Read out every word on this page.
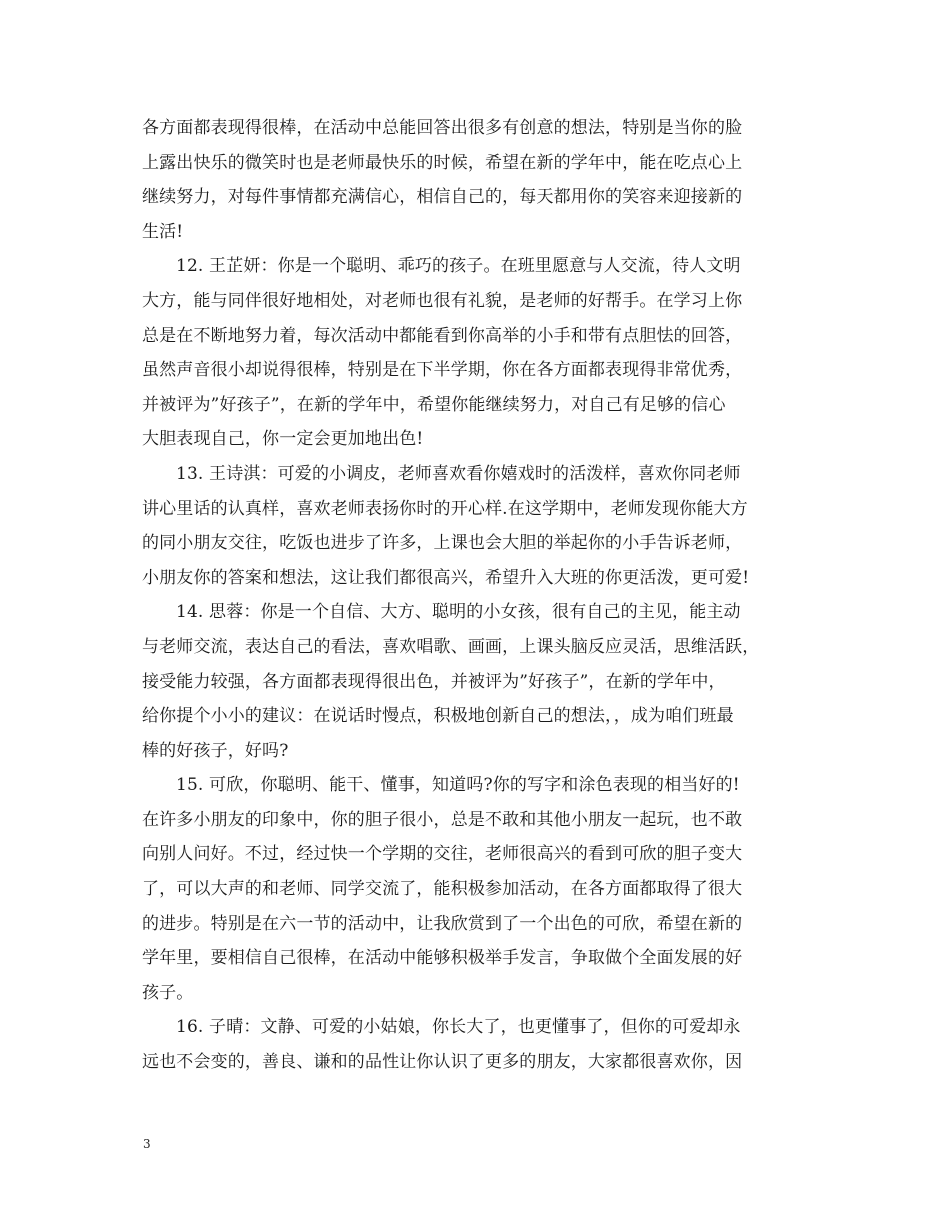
各方面都表现得很棒，在活动中总能回答出很多有创意的想法，特别是当你的脸
上露出快乐的微笑时也是老师最快乐的时候，希望在新的学年中，能在吃点心上
继续努力，对每件事情都充满信心，相信自己的，每天都用你的笑容来迎接新的
生活!
12. 王芷妍：你是一个聪明、乖巧的孩子。在班里愿意与人交流，待人文明
大方，能与同伴很好地相处，对老师也很有礼貌，是老师的好帮手。在学习上你
总是在不断地努力着，每次活动中都能看到你高举的小手和带有点胆怯的回答，
虽然声音很小却说得很棒，特别是在下半学期，你在各方面都表现得非常优秀，
并被评为”好孩子”，在新的学年中，希望你能继续努力，对自己有足够的信心
大胆表现自己，你一定会更加地出色!
13. 王诗淇：可爱的小调皮，老师喜欢看你嬉戏时的活泼样，喜欢你同老师
讲心里话的认真样，喜欢老师表扬你时的开心样.在这学期中，老师发现你能大方
的同小朋友交往，吃饭也进步了许多，上课也会大胆的举起你的小手告诉老师，
小朋友你的答案和想法，这让我们都很高兴，希望升入大班的你更活泼，更可爱!
14. 思蓉：你是一个自信、大方、聪明的小女孩，很有自己的主见，能主动
与老师交流，表达自己的看法，喜欢唱歌、画画，上课头脑反应灵活，思维活跃，
接受能力较强，各方面都表现得很出色，并被评为”好孩子”，在新的学年中，
给你提个小小的建议：在说话时慢点，积极地创新自己的想法，，成为咱们班最
棒的好孩子，好吗?
15. 可欣，你聪明、能干、懂事，知道吗?你的写字和涂色表现的相当好的!
在许多小朋友的印象中，你的胆子很小，总是不敢和其他小朋友一起玩，也不敢
向别人问好。不过，经过快一个学期的交往，老师很高兴的看到可欣的胆子变大
了，可以大声的和老师、同学交流了，能积极参加活动，在各方面都取得了很大
的进步。特别是在六一节的活动中，让我欣赏到了一个出色的可欣，希望在新的
学年里，要相信自己很棒，在活动中能够积极举手发言，争取做个全面发展的好
孩子。
16. 子晴：文静、可爱的小姑娘，你长大了，也更懂事了，但你的可爱却永
远也不会变的，善良、谦和的品性让你认识了更多的朋友，大家都很喜欢你，因
3
